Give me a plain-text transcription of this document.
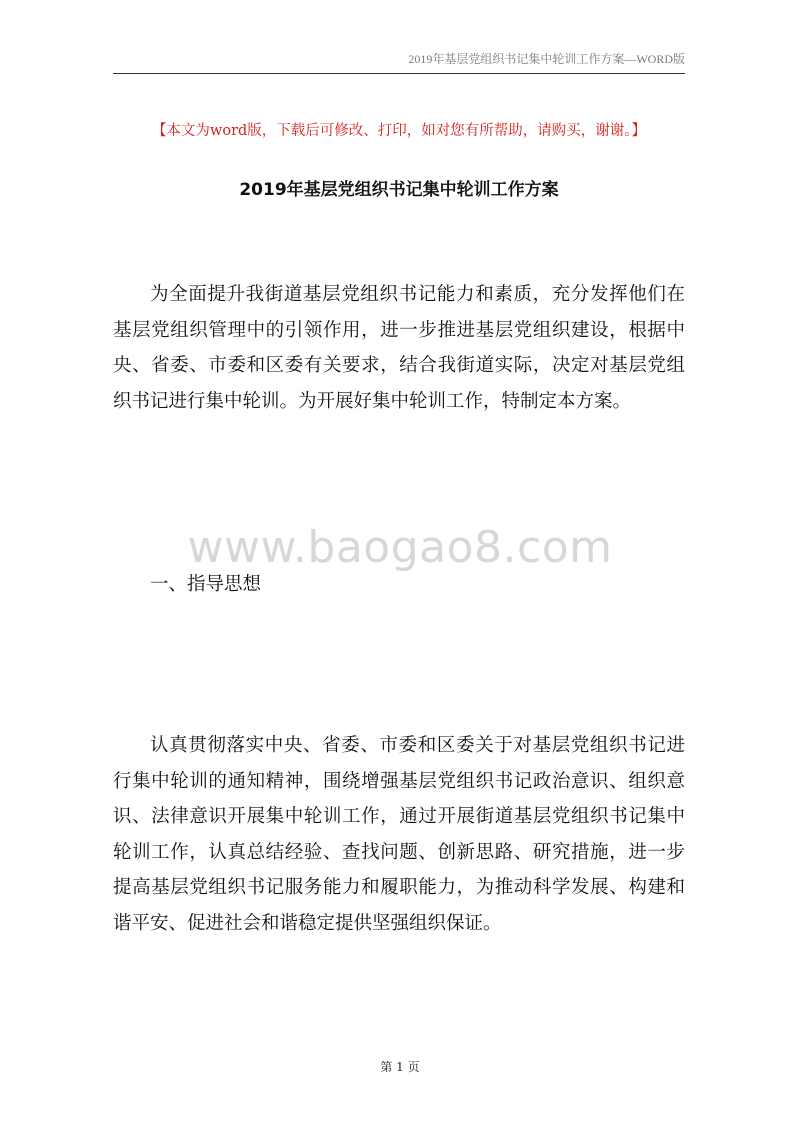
2019年基层党组织书记集中轮训工作方案—WORD版
【本文为word版，下载后可修改、打印，如对您有所帮助，请购买，谢谢。】
2019年基层党组织书记集中轮训工作方案

为全面提升我街道基层党组织书记能力和素质，充分发挥他们在基层党组织管理中的引领作用，进一步推进基层党组织建设，根据中央、省委、市委和区委有关要求，结合我街道实际，决定对基层党组织书记进行集中轮训。为开展好集中轮训工作，特制定本方案。

www.baogao8.com
一、指导思想

认真贯彻落实中央、省委、市委和区委关于对基层党组织书记进行集中轮训的通知精神，围绕增强基层党组织书记政治意识、组织意识、法律意识开展集中轮训工作，通过开展街道基层党组织书记集中轮训工作，认真总结经验、查找问题、创新思路、研究措施，进一步提高基层党组织书记服务能力和履职能力，为推动科学发展、构建和谐平安、促进社会和谐稳定提供坚强组织保证。

第 1 页
